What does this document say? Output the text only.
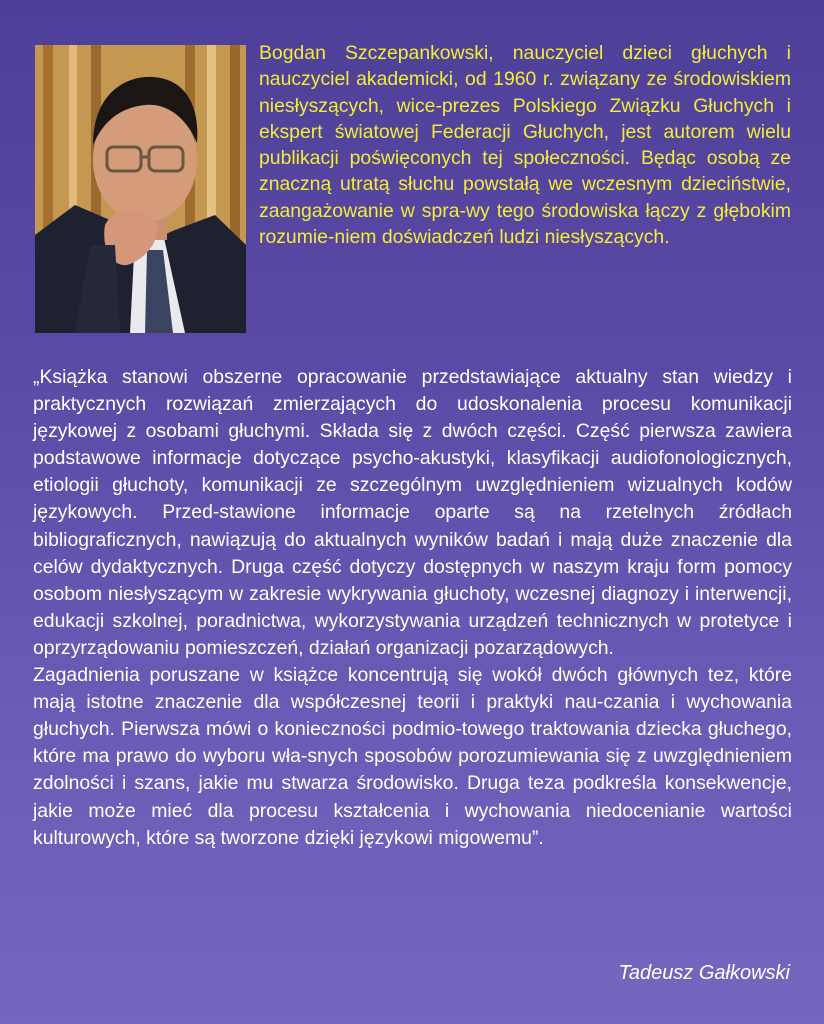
Bogdan Szczepankowski, nauczyciel dzieci głuchych i nauczyciel akademicki, od 1960 r. związany ze środowiskiem niesłyszących, wice-prezes Polskiego Związku Głuchych i ekspert światowej Federacji Głuchych, jest autorem wielu publikacji poświęconych tej społeczności. Będąc osobą ze znaczną utratą słuchu powstałą we wczesnym dzieciństwie, zaangażowanie w spra-wy tego środowiska łączy z głębokim rozumie-niem doświadczeń ludzi niesłyszących.

„Książka stanowi obszerne opracowanie przedstawiające aktualny stan wiedzy i praktycznych rozwiązań zmierzających do udoskonalenia procesu komunikacji językowej z osobami głuchymi. Składa się z dwóch części. Część pierwsza zawiera podstawowe informacje dotyczące psycho-akustyki, klasyfikacji audiofonologicznych, etiologii głuchoty, komunikacji ze szczególnym uwzględnieniem wizualnych kodów językowych. Przed-stawione informacje oparte są na rzetelnych źródłach bibliograficznych, nawiązują do aktualnych wyników badań i mają duże znaczenie dla celów dydaktycznych. Druga część dotyczy dostępnych w naszym kraju form pomocy osobom niesłyszącym w zakresie wykrywania głuchoty, wczesnej diagnozy i interwencji, edukacji szkolnej, poradnictwa, wykorzystywania urządzeń technicznych w protetyce i oprzyrządowaniu pomieszczeń, działań organizacji pozarządowych.

Zagadnienia poruszane w książce koncentrują się wokół dwóch głównych tez, które mają istotne znaczenie dla współczesnej teorii i praktyki nau-czania i wychowania głuchych. Pierwsza mówi o konieczności podmio-towego traktowania dziecka głuchego, które ma prawo do wyboru wła-snych sposobów porozumiewania się z uwzględnieniem zdolności i szans, jakie mu stwarza środowisko. Druga teza podkreśla konsekwencje, jakie może mieć dla procesu kształcenia i wychowania niedocenianie wartości kulturowych, które są tworzone dzięki językowi migowemu”.

Tadeusz Gałkowski
